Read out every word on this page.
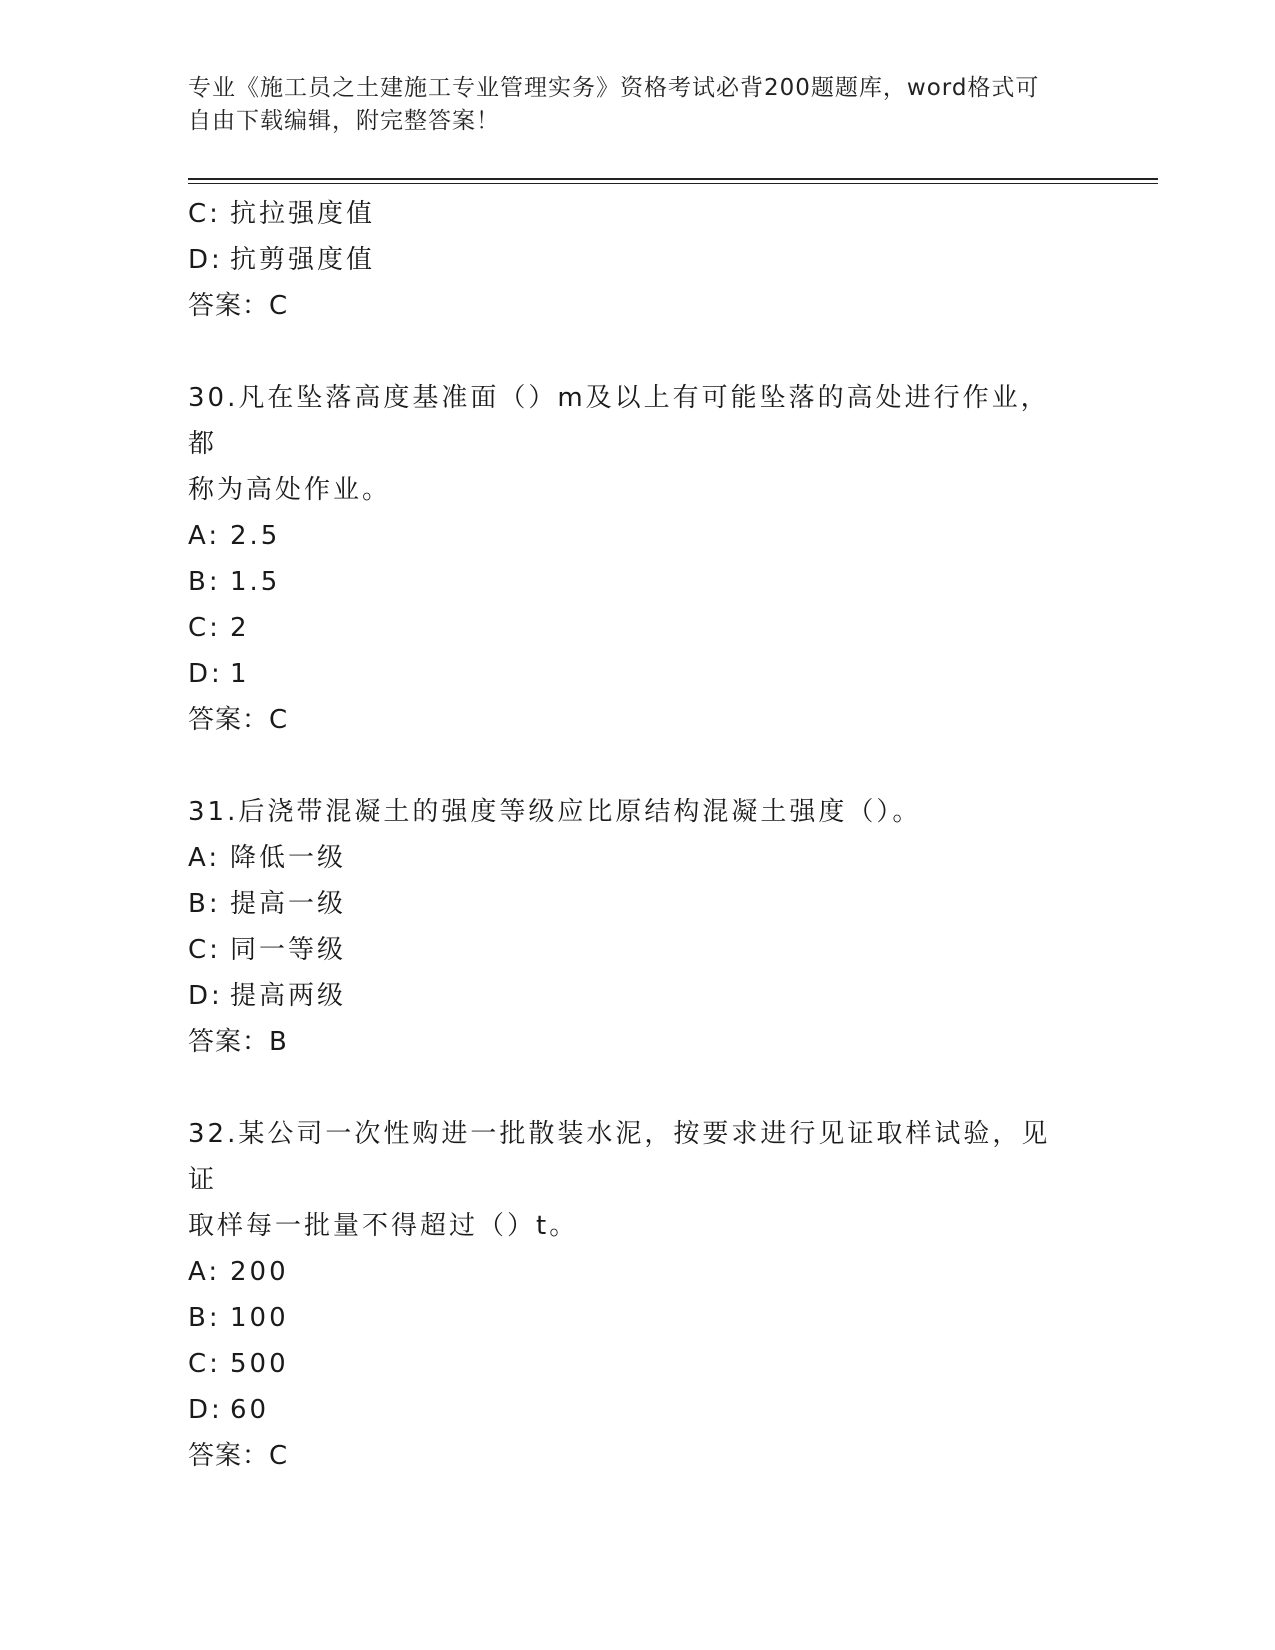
专业《施工员之土建施工专业管理实务》资格考试必背200题题库，word格式可
自由下载编辑，附完整答案！
C: 抗拉强度值
D: 抗剪强度值
答案：C
30.凡在坠落高度基准面（）m及以上有可能坠落的高处进行作业，都
称为高处作业。
A: 2.5
B: 1.5
C: 2
D: 1
答案：C
31.后浇带混凝土的强度等级应比原结构混凝土强度（）。
A: 降低一级
B: 提高一级
C: 同一等级
D: 提高两级
答案：B
32.某公司一次性购进一批散装水泥，按要求进行见证取样试验，见证
取样每一批量不得超过（）t。
A: 200
B: 100
C: 500
D: 60
答案：C
